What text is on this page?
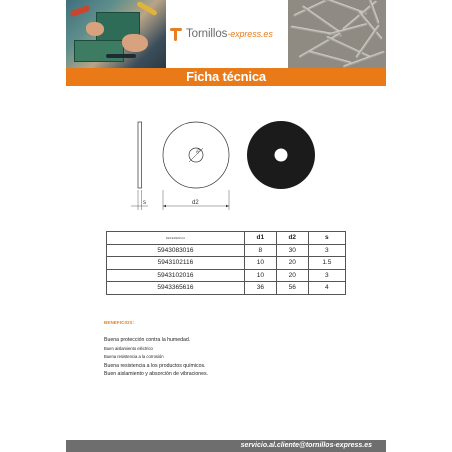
Tornillos-express.es
Ficha técnica
d1
s	d2
REFERENCIA	d1	d2	s
5943083016	8	30	3
5943102116	10	20	1.5
5943102016	10	20	3
5943365616	36	56	4
BENEFICIOS:
Buena protección contra la humedad.
Buen aislamiento eléctrico
Buena resistencia a la corrosión
Buena resistencia a los productos químicos.
Buen aislamiento y absorción de vibraciones.
servicio.al.cliente@tornillos-express.es
